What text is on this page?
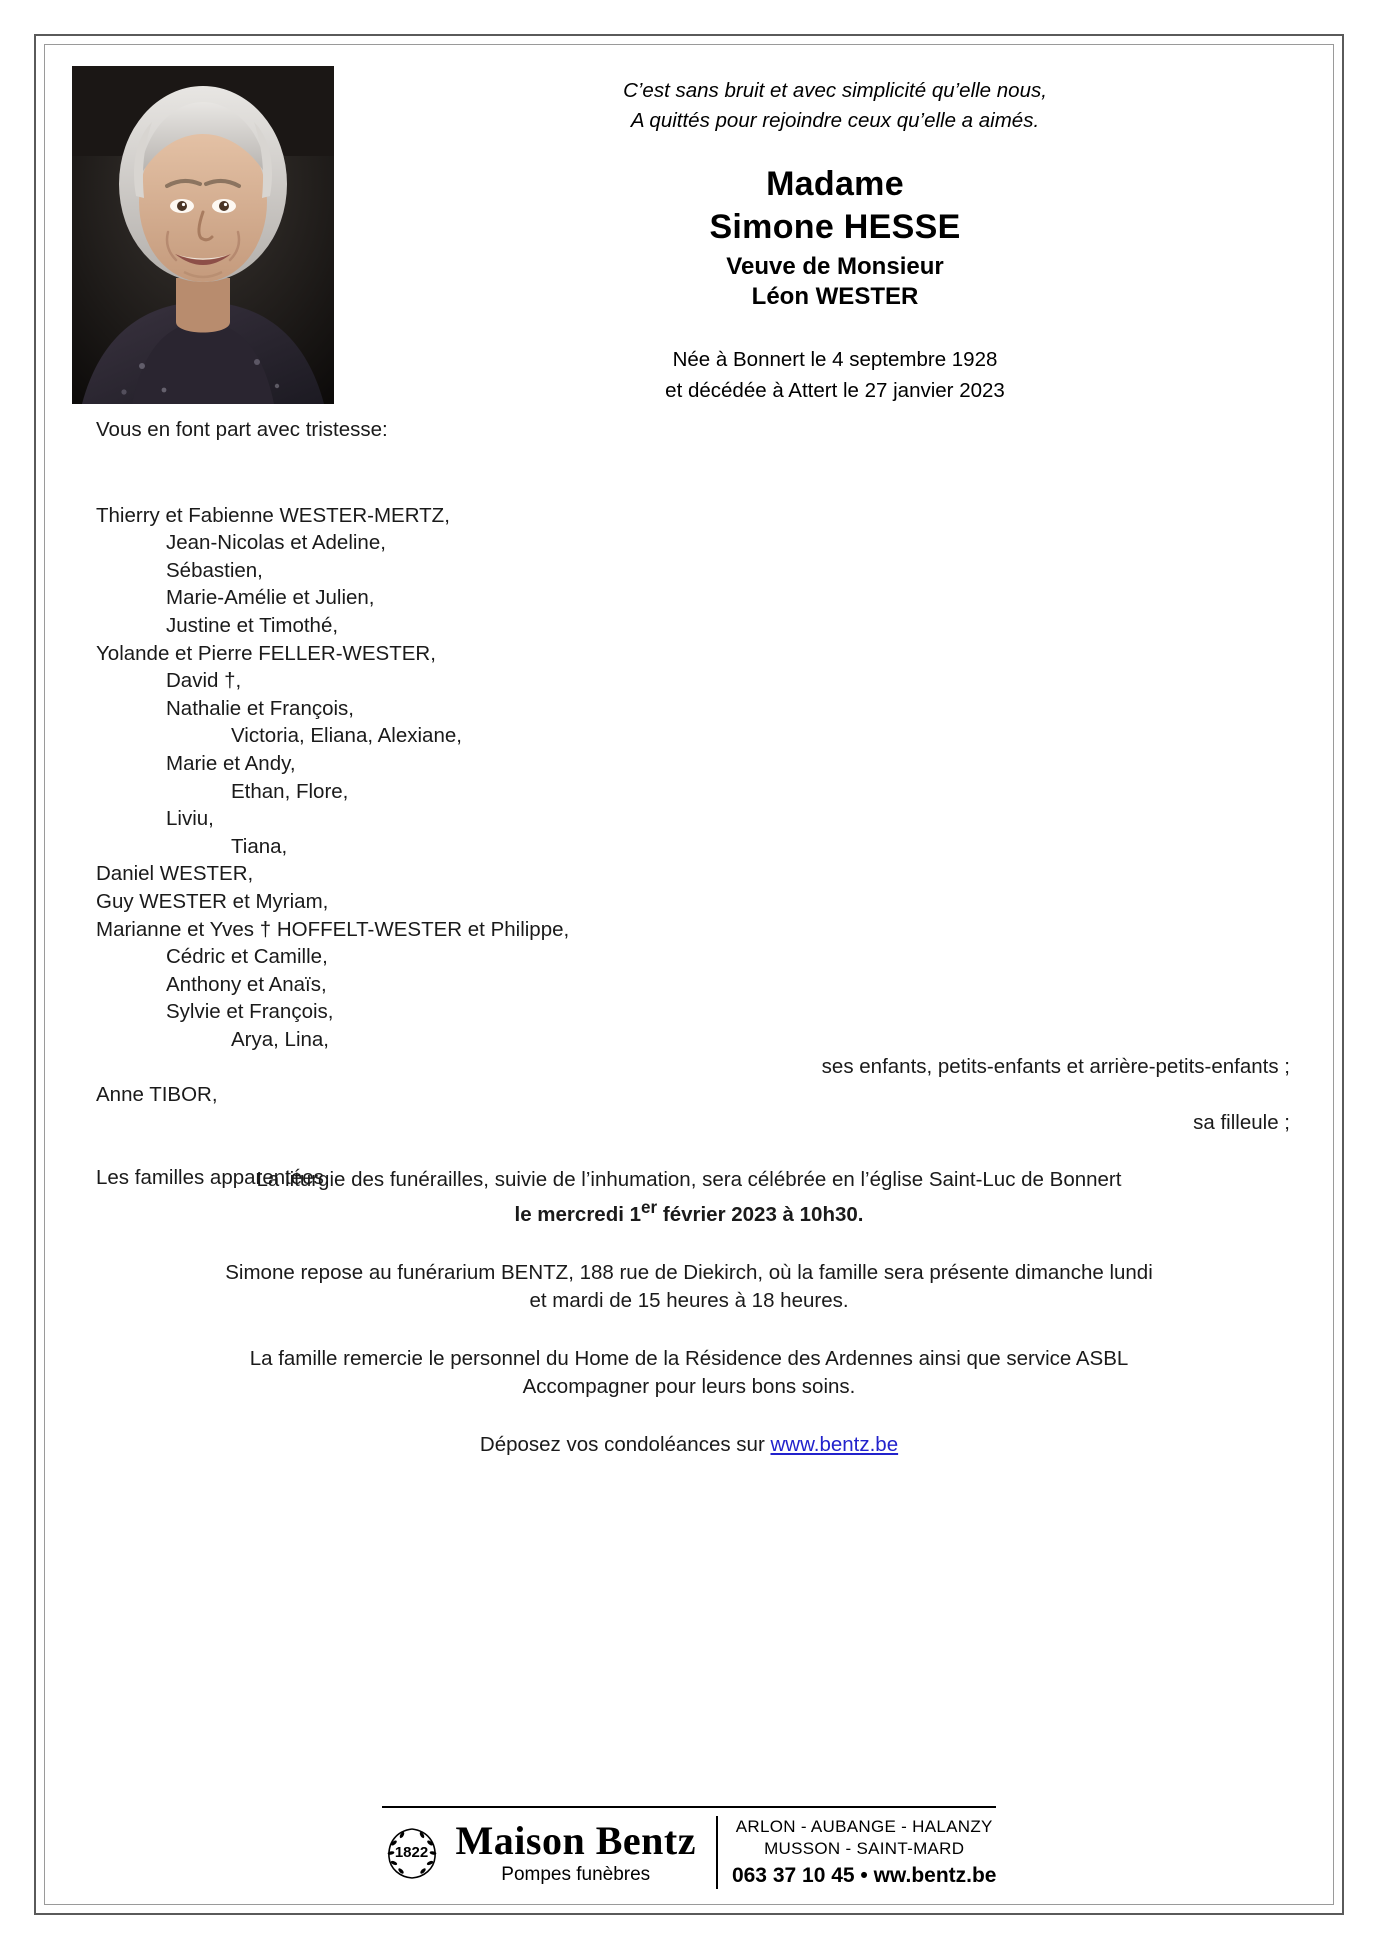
C’est sans bruit et avec simplicité qu’elle nous,
A quittés pour rejoindre ceux qu’elle a aimés.
Madame
Simone HESSE
Veuve de Monsieur
Léon WESTER
Née à Bonnert le 4 septembre 1928
et décédée à Attert le 27 janvier 2023
Vous en font part avec tristesse:
Thierry et Fabienne WESTER-MERTZ,
Jean-Nicolas et Adeline,
Sébastien,
Marie-Amélie et Julien,
Justine et Timothé,
Yolande et Pierre FELLER-WESTER,
David †,
Nathalie et François,
Victoria, Eliana, Alexiane,
Marie et Andy,
Ethan, Flore,
Liviu,
Tiana,
Daniel WESTER,
Guy WESTER et Myriam,
Marianne et Yves † HOFFELT-WESTER et Philippe,
Cédric et Camille,
Anthony et Anaïs,
Sylvie et François,
Arya, Lina,
ses enfants, petits-enfants et arrière-petits-enfants ;
Anne TIBOR,
sa filleule ;
Les familles apparentées.

La liturgie des funérailles, suivie de l’inhumation, sera célébrée en l’église Saint-Luc de Bonnert

le mercredi 1er février 2023 à 10h30.

Simone repose au funérarium BENTZ, 188 rue de Diekirch, où la famille sera présente dimanche lundi

et mardi de 15 heures à 18 heures.

La famille remercie le personnel du Home de la Résidence des Ardennes ainsi que service ASBL

Accompagner pour leurs bons soins.

Déposez vos condoléances sur www.bentz.be
1822 Maison Bentz
Pompes funèbres
ARLON - AUBANGE - HALANZY
MUSSON - SAINT-MARD
063 37 10 45 • ww.bentz.be
